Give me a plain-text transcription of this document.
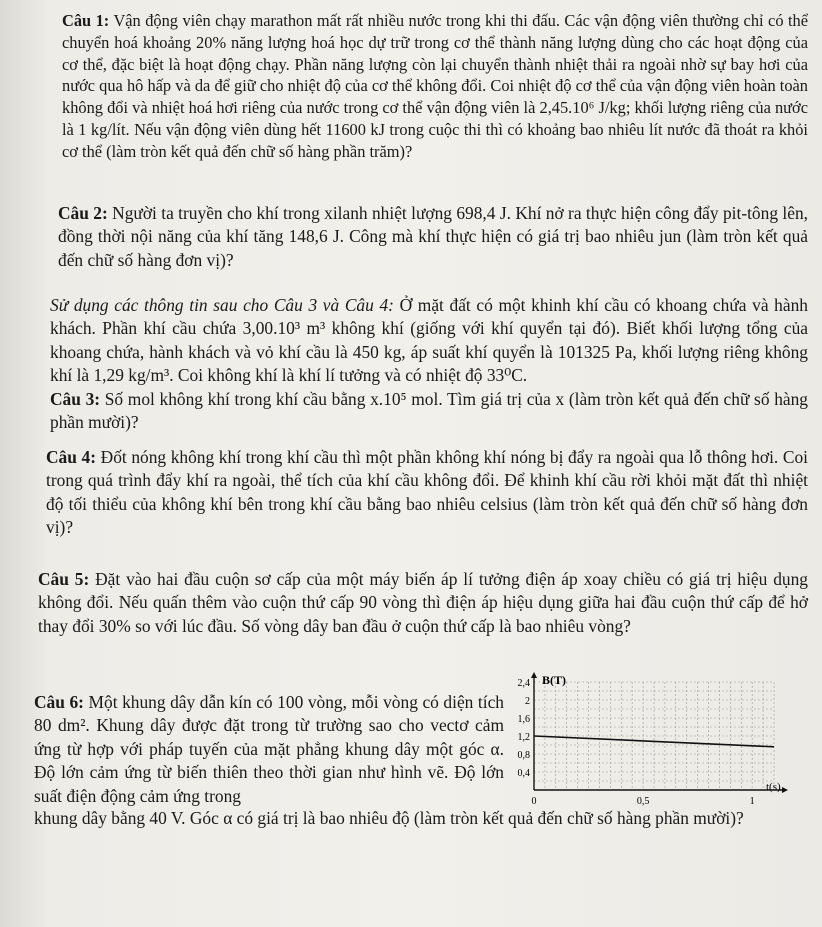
Câu 1: Vận động viên chạy marathon mất rất nhiều nước trong khi thi đấu. Các vận động viên thường chỉ có thể chuyển hoá khoảng 20% năng lượng hoá học dự trữ trong cơ thể thành năng lượng dùng cho các hoạt động của cơ thể, đặc biệt là hoạt động chạy. Phần năng lượng còn lại chuyển thành nhiệt thải ra ngoài nhờ sự bay hơi của nước qua hô hấp và da để giữ cho nhiệt độ của cơ thể không đổi. Coi nhiệt độ cơ thể của vận động viên hoàn toàn không đổi và nhiệt hoá hơi riêng của nước trong cơ thể vận động viên là 2,45.10⁶ J/kg; khối lượng riêng của nước là 1 kg/lít. Nếu vận động viên dùng hết 11600 kJ trong cuộc thi thì có khoảng bao nhiêu lít nước đã thoát ra khỏi cơ thể (làm tròn kết quả đến chữ số hàng phần trăm)?
Câu 2: Người ta truyền cho khí trong xilanh nhiệt lượng 698,4 J. Khí nở ra thực hiện công đẩy pit-tông lên, đồng thời nội năng của khí tăng 148,6 J. Công mà khí thực hiện có giá trị bao nhiêu jun (làm tròn kết quả đến chữ số hàng đơn vị)?
Sử dụng các thông tin sau cho Câu 3 và Câu 4: Ở mặt đất có một khinh khí cầu có khoang chứa và hành khách. Phần khí cầu chứa 3,00.10³ m³ không khí (giống với khí quyển tại đó). Biết khối lượng tổng của khoang chứa, hành khách và vỏ khí cầu là 450 kg, áp suất khí quyển là 101325 Pa, khối lượng riêng không khí là 1,29 kg/m³. Coi không khí là khí lí tưởng và có nhiệt độ 33⁰C.
Câu 3: Số mol không khí trong khí cầu bằng x.10⁵ mol. Tìm giá trị của x (làm tròn kết quả đến chữ số hàng phần mười)?
Câu 4: Đốt nóng không khí trong khí cầu thì một phần không khí nóng bị đẩy ra ngoài qua lỗ thông hơi. Coi trong quá trình đẩy khí ra ngoài, thể tích của khí cầu không đổi. Để khinh khí cầu rời khỏi mặt đất thì nhiệt độ tối thiểu của không khí bên trong khí cầu bằng bao nhiêu celsius (làm tròn kết quả đến chữ số hàng đơn vị)?
Câu 5: Đặt vào hai đầu cuộn sơ cấp của một máy biến áp lí tưởng điện áp xoay chiều có giá trị hiệu dụng không đổi. Nếu quấn thêm vào cuộn thứ cấp 90 vòng thì điện áp hiệu dụng giữa hai đầu cuộn thứ cấp để hở thay đổi 30% so với lúc đầu. Số vòng dây ban đầu ở cuộn thứ cấp là bao nhiêu vòng?
Câu 6: Một khung dây dẫn kín có 100 vòng, mỗi vòng có diện tích 80 dm². Khung dây được đặt trong từ trường sao cho vectơ cảm ứng từ hợp với pháp tuyến của mặt phẳng khung dây một góc α. Độ lớn cảm ứng từ biến thiên theo thời gian như hình vẽ. Độ lớn suất điện động cảm ứng trong
khung dây bằng 40 V. Góc α có giá trị là bao nhiêu độ (làm tròn kết quả đến chữ số hàng phần mười)?
0,4
0,8
1,2
1,6
2
2,4
0	0,5	1
B(T)
t(s)
